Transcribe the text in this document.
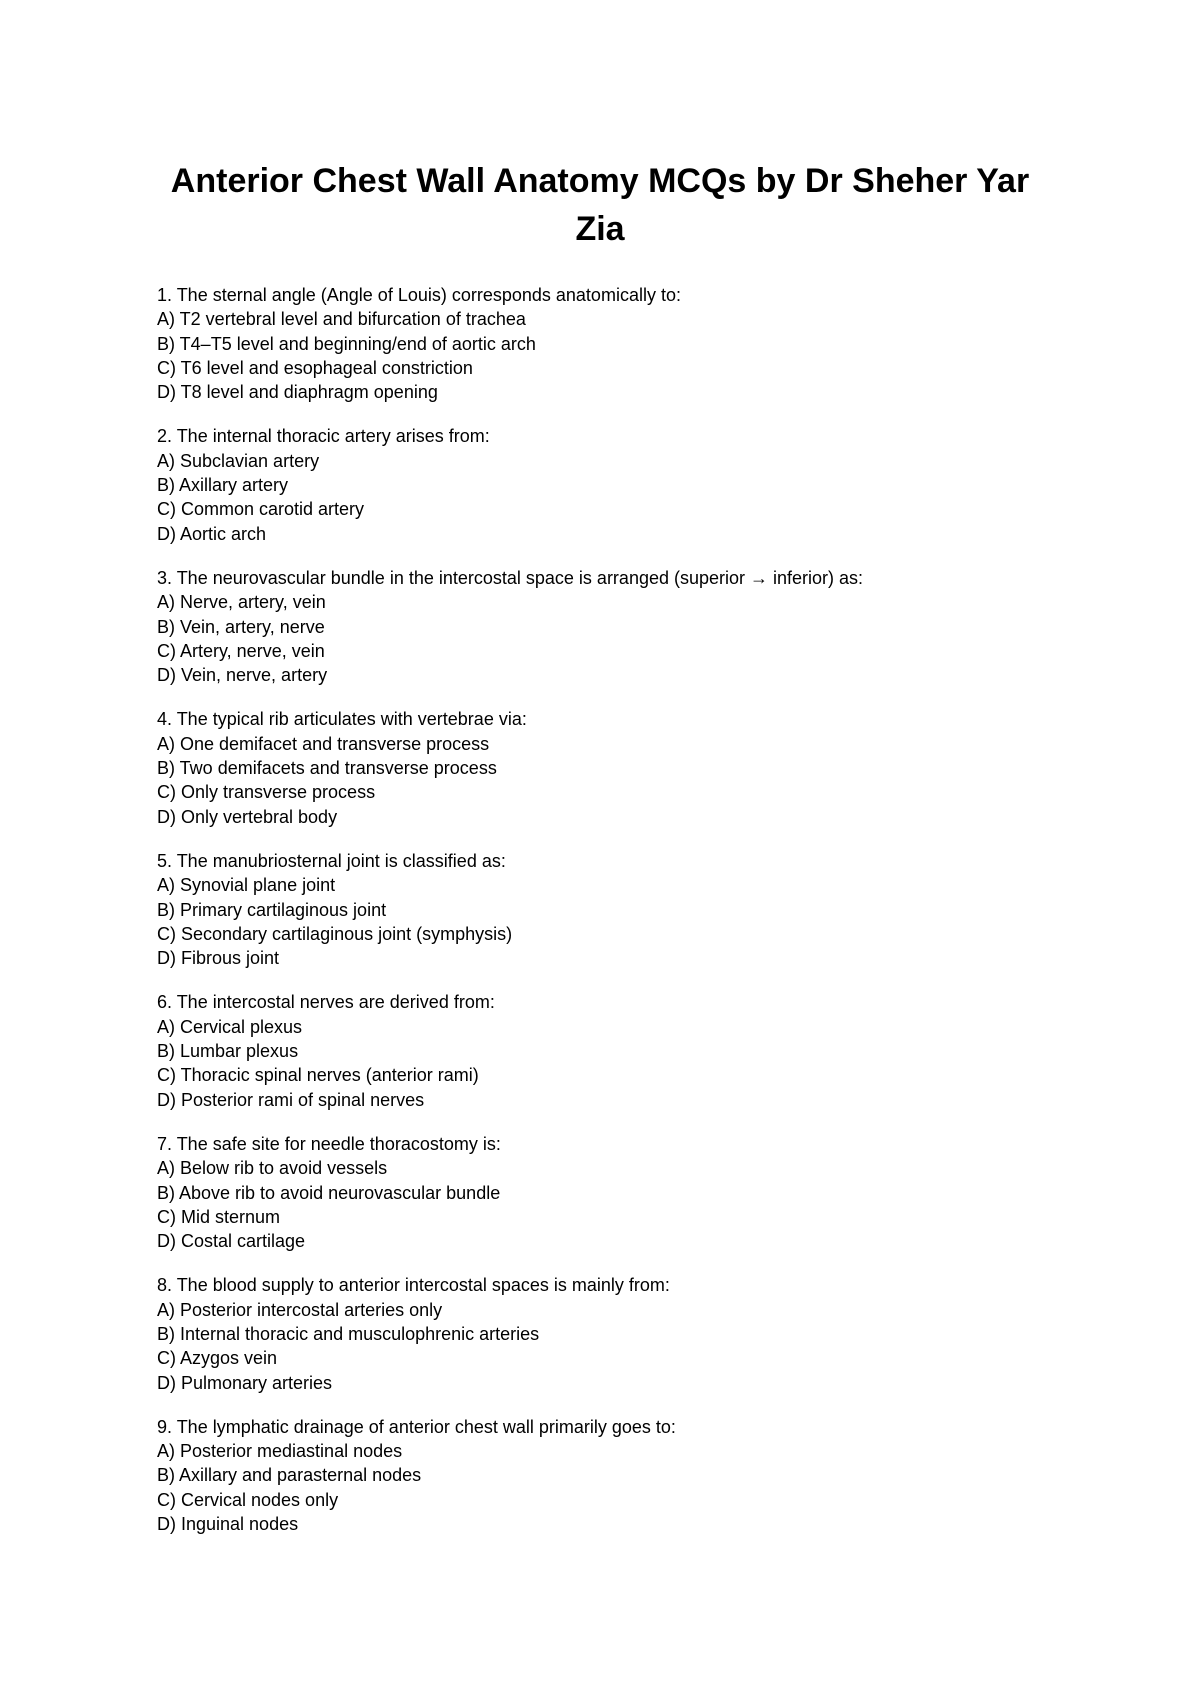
Anterior Chest Wall Anatomy MCQs by Dr Sheher Yar Zia
1. The sternal angle (Angle of Louis) corresponds anatomically to:
A) T2 vertebral level and bifurcation of trachea
B) T4–T5 level and beginning/end of aortic arch
C) T6 level and esophageal constriction
D) T8 level and diaphragm opening
2. The internal thoracic artery arises from:
A) Subclavian artery
B) Axillary artery
C) Common carotid artery
D) Aortic arch
3. The neurovascular bundle in the intercostal space is arranged (superior → inferior) as:
A) Nerve, artery, vein
B) Vein, artery, nerve
C) Artery, nerve, vein
D) Vein, nerve, artery
4. The typical rib articulates with vertebrae via:
A) One demifacet and transverse process
B) Two demifacets and transverse process
C) Only transverse process
D) Only vertebral body
5. The manubriosternal joint is classified as:
A) Synovial plane joint
B) Primary cartilaginous joint
C) Secondary cartilaginous joint (symphysis)
D) Fibrous joint
6. The intercostal nerves are derived from:
A) Cervical plexus
B) Lumbar plexus
C) Thoracic spinal nerves (anterior rami)
D) Posterior rami of spinal nerves
7. The safe site for needle thoracostomy is:
A) Below rib to avoid vessels
B) Above rib to avoid neurovascular bundle
C) Mid sternum
D) Costal cartilage
8. The blood supply to anterior intercostal spaces is mainly from:
A) Posterior intercostal arteries only
B) Internal thoracic and musculophrenic arteries
C) Azygos vein
D) Pulmonary arteries
9. The lymphatic drainage of anterior chest wall primarily goes to:
A) Posterior mediastinal nodes
B) Axillary and parasternal nodes
C) Cervical nodes only
D) Inguinal nodes
